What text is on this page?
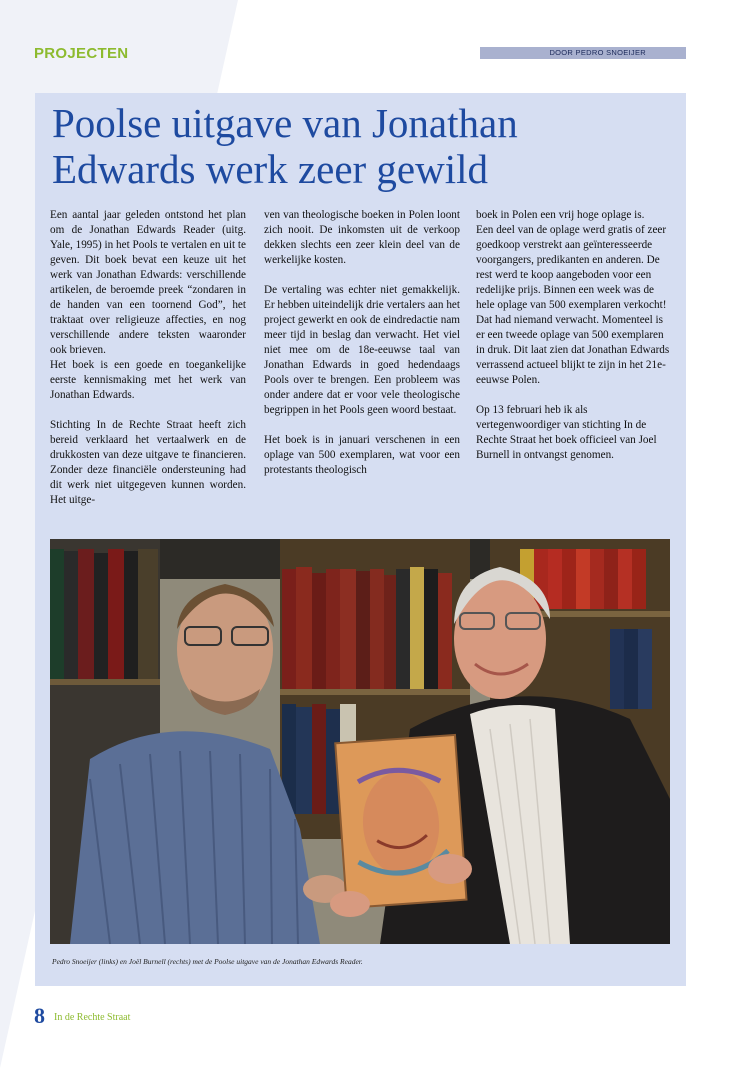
PROJECTEN	DOOR PEDRO SNOEIJER
Poolse uitgave van Jonathan
Edwards werk zeer gewild

Een aantal jaar geleden ontstond het plan om de Jonathan Edwards Reader (uitg. Yale, 1995) in het Pools te vertalen en uit te geven. Dit boek bevat een keuze uit het werk van Jonathan Edwards: verschillende artikelen, de beroemde preek “zondaren in de handen van een toornend God”, het traktaat over religieuze affecties, en nog verschillende andere teksten waaronder ook brieven.

Het boek is een goede en toegankelijke eerste kennismaking met het werk van Jonathan Edwards.

Stichting In de Rechte Straat heeft zich bereid verklaard het vertaalwerk en de drukkosten van deze uitgave te financieren. Zonder deze financiële ondersteuning had dit werk niet uitgegeven kunnen worden. Het uitge-

ven van theologische boeken in Polen loont zich nooit. De inkomsten uit de verkoop dekken slechts een zeer klein deel van de werkelijke kosten.

De vertaling was echter niet gemakkelijk. Er hebben uiteindelijk drie vertalers aan het project gewerkt en ook de eindredactie nam meer tijd in beslag dan verwacht. Het viel niet mee om de 18e-eeuwse taal van Jonathan Edwards in goed hedendaags Pools over te brengen. Een probleem was onder andere dat er voor vele theologische begrippen in het Pools geen woord bestaat.

Het boek is in januari verschenen in een oplage van 500 exemplaren, wat voor een protestants theologisch

boek in Polen een vrij hoge oplage is.

Een deel van de oplage werd gratis of zeer goedkoop verstrekt aan geïnteresseerde voorgangers, predikanten en anderen. De rest werd te koop aangeboden voor een redelijke prijs. Binnen een week was de hele oplage van 500 exemplaren verkocht! Dat had niemand verwacht. Momenteel is er een tweede oplage van 500 exemplaren in druk. Dit laat zien dat Jonathan Edwards verrassend actueel blijkt te zijn in het 21e-eeuwse Polen.

Op 13 februari heb ik als vertegenwoordiger van stichting In de Rechte Straat het boek officieel van Joel Burnell in ontvangst genomen.

Pedro Snoeijer (links) en Joël Burnell (rechts) met de Poolse uitgave van de Jonathan Edwards Reader.
8 In de Rechte Straat
